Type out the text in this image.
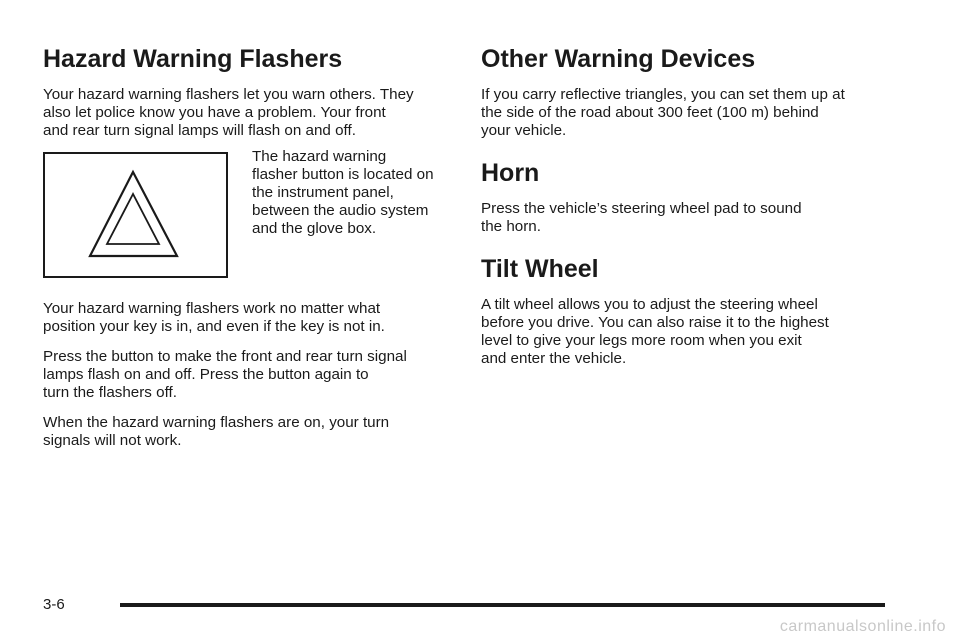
Hazard Warning Flashers

Your hazard warning flashers let you warn others. They
also let police know you have a problem. Your front
and rear turn signal lamps will flash on and off.

The hazard warning
flasher button is located on
the instrument panel,
between the audio system
and the glove box.

Your hazard warning flashers work no matter what
position your key is in, and even if the key is not in.

Press the button to make the front and rear turn signal
lamps flash on and off. Press the button again to
turn the flashers off.

When the hazard warning flashers are on, your turn
signals will not work.

Other Warning Devices

If you carry reflective triangles, you can set them up at
the side of the road about 300 feet (100 m) behind
your vehicle.

Horn

Press the vehicle’s steering wheel pad to sound
the horn.

Tilt Wheel

A tilt wheel allows you to adjust the steering wheel
before you drive. You can also raise it to the highest
level to give your legs more room when you exit
and enter the vehicle.

3-6
carmanualsonline.info
